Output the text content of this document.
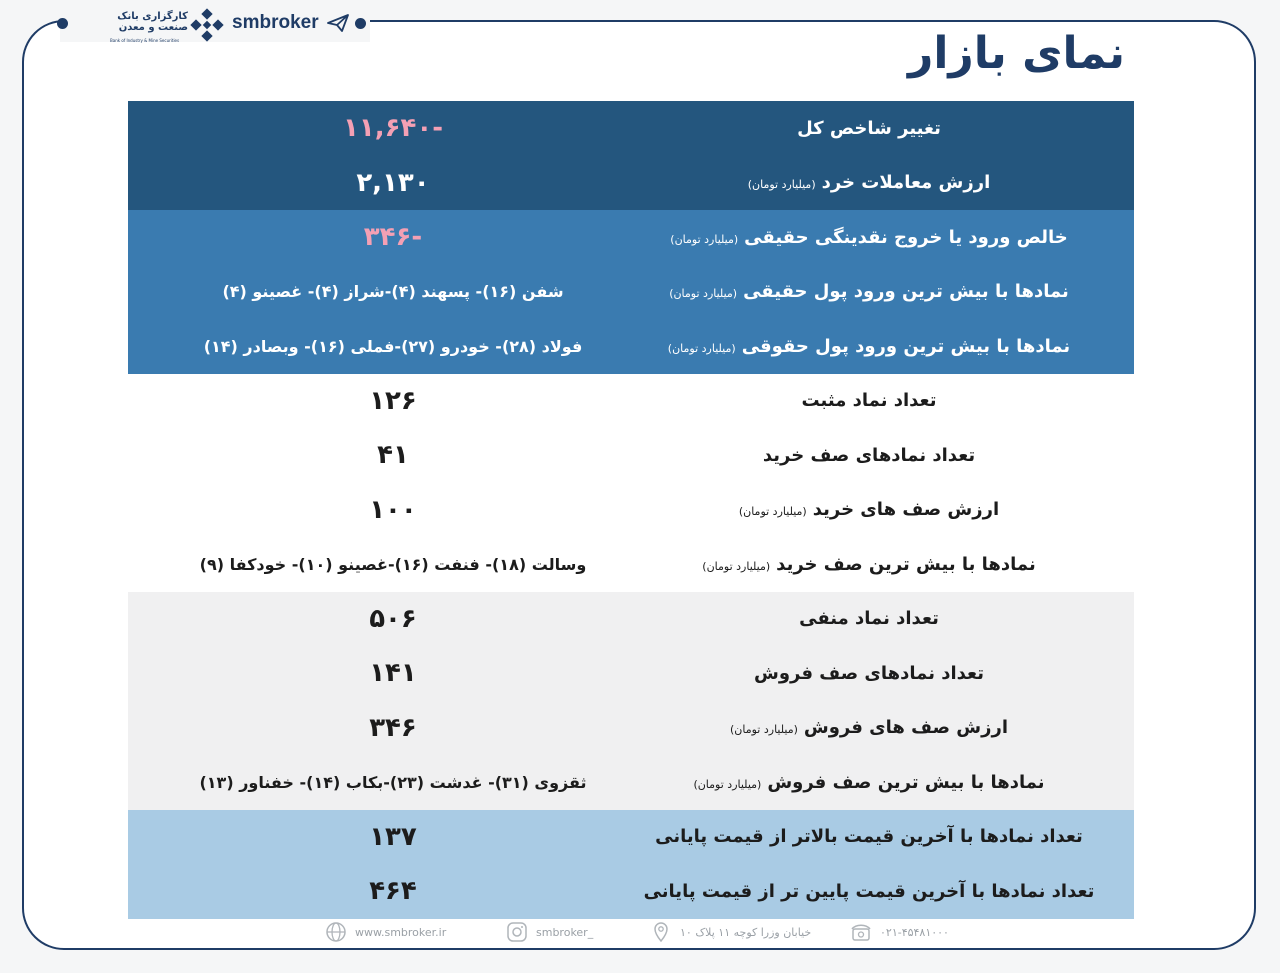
کارگزاری بانک صنعت و معدن
Bank of Industry & Mine Securities
smbroker
نمای بازار
تغییر شاخص کل
-۱۱,۶۴۰
ارزش معاملات خرد(میلیارد تومان)
۲,۱۳۰
خالص ورود یا خروج نقدینگی حقیقی(میلیارد تومان)
-۳۴۶
نمادها با بیش ترین ورود پول حقیقی(میلیارد تومان)
شفن (۱۶)- پسهند (۴)-شراز (۴)- غصینو (۴)
نمادها با بیش ترین ورود پول حقوقی(میلیارد تومان)
فولاد (۲۸)- خودرو (۲۷)-فملی (۱۶)- وبصادر (۱۴)
تعداد نماد مثبت
۱۲۶
تعداد نمادهای صف خرید
۴۱
ارزش صف های خرید(میلیارد تومان)
۱۰۰
نمادها با بیش ترین صف خرید(میلیارد تومان)
وسالت (۱۸)- فنفت (۱۶)-غصینو (۱۰)- خودکفا (۹)
تعداد نماد منفی
۵۰۶
تعداد نمادهای صف فروش
۱۴۱
ارزش صف های فروش(میلیارد تومان)
۳۴۶
نمادها با بیش ترین صف فروش(میلیارد تومان)
ثقزوی (۳۱)- غدشت (۲۳)-بکاب (۱۴)- خفناور (۱۳)
تعداد نمادها با آخرین قیمت بالاتر از قیمت پایانی
۱۳۷
تعداد نمادها با آخرین قیمت پایین تر از قیمت پایانی
۴۶۴
www.smbroker.ir	smbroker_	خیابان وزرا کوچه ۱۱ پلاک ۱۰	۰۲۱-۴۵۴۸۱۰۰۰
